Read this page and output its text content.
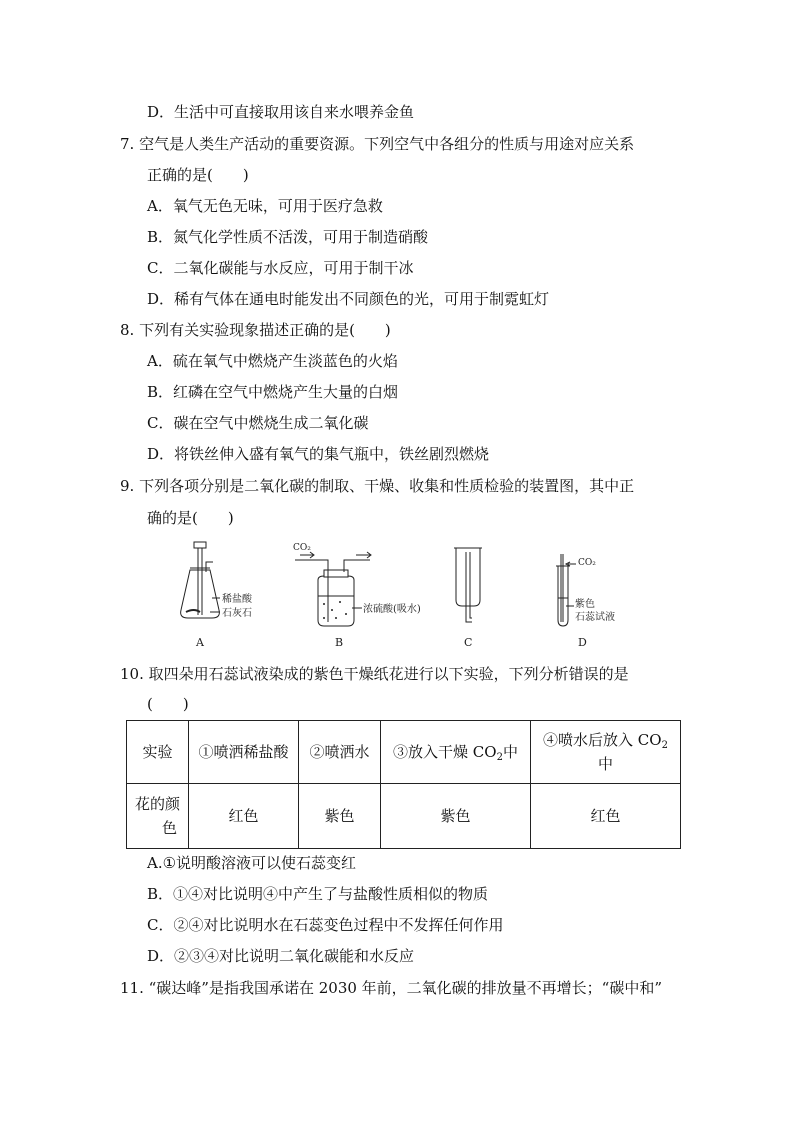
D．生活中可直接取用该自来水喂养金鱼
7. 空气是人类生产活动的重要资源。下列空气中各组分的性质与用途对应关系
正确的是(　　)
A．氧气无色无味，可用于医疗急救
B．氮气化学性质不活泼，可用于制造硝酸
C．二氧化碳能与水反应，可用于制干冰
D．稀有气体在通电时能发出不同颜色的光，可用于制霓虹灯
8. 下列有关实验现象描述正确的是(　　)
A．硫在氧气中燃烧产生淡蓝色的火焰
B．红磷在空气中燃烧产生大量的白烟
C．碳在空气中燃烧生成二氧化碳
D．将铁丝伸入盛有氧气的集气瓶中，铁丝剧烈燃烧
9. 下列各项分别是二氧化碳的制取、干燥、收集和性质检验的装置图，其中正
确的是(　　)
稀盐酸
石灰石
A
CO₂
浓硫酸(吸水)
B	C
CO₂
紫色
石蕊试液
D
10. 取四朵用石蕊试液染成的紫色干燥纸花进行以下实验，下列分析错误的是
(　　)
实验	①喷洒稀盐酸	②喷洒水	③放入干燥 $CO_2$中	④喷水后放入 $CO_2$
中
花的颜
色	红色	紫色	紫色	红色
A.①说明酸溶液可以使石蕊变红
B．①④对比说明④中产生了与盐酸性质相似的物质
C．②④对比说明水在石蕊变色过程中不发挥任何作用
D．②③④对比说明二氧化碳能和水反应
11. “碳达峰”是指我国承诺在 2030 年前，二氧化碳的排放量不再增长；“碳中和”
